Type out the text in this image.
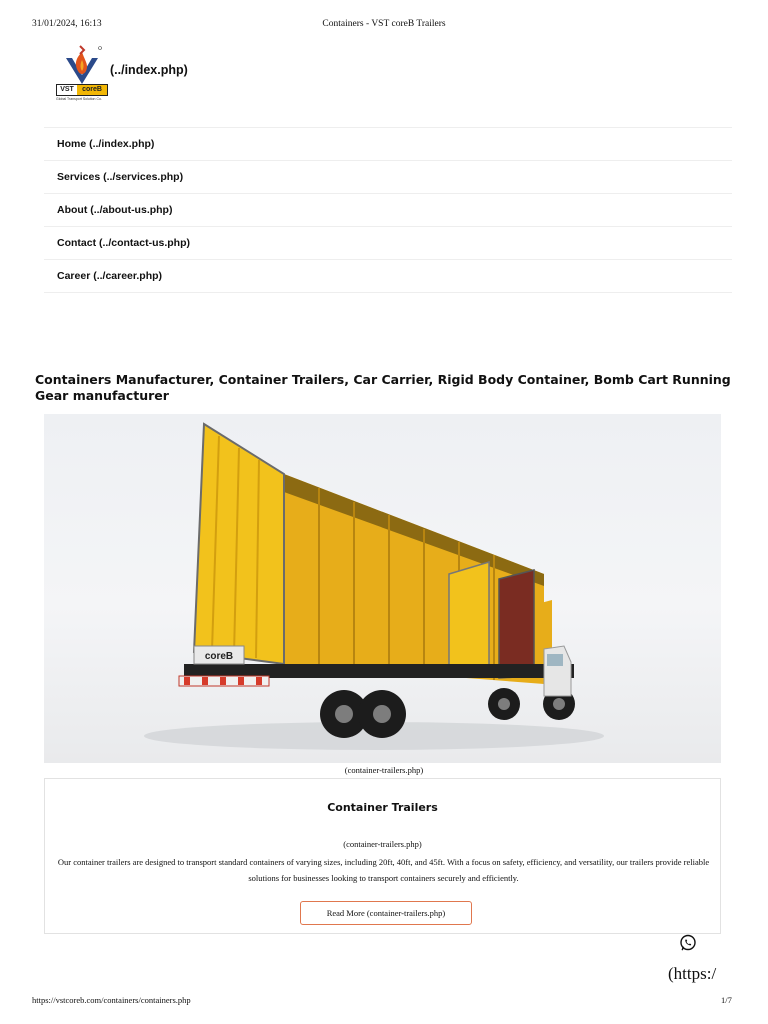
31/01/2024, 16:13	Containers - VST coreB Trailers
VST	coreB
Global Transport Solution Co.
(../index.php)
Home (../index.php)
Services (../services.php)
About (../about-us.php)
Contact (../contact-us.php)
Career (../career.php)
Containers Manufacturer, Container Trailers, Car Carrier, Rigid Body Container, Bomb Cart Running Gear manufacturer
coreB
(container-trailers.php)
Container Trailers
(container-trailers.php)

Our container trailers are designed to transport standard containers of varying sizes, including 20ft, 40ft, and 45ft. With a focus on safety, efficiency, and versatility, our trailers provide reliable solutions for businesses looking to transport containers securely and efficiently.

Read More (container-trailers.php)
(https:/
https://vstcoreb.com/containers/containers.php	1/7
